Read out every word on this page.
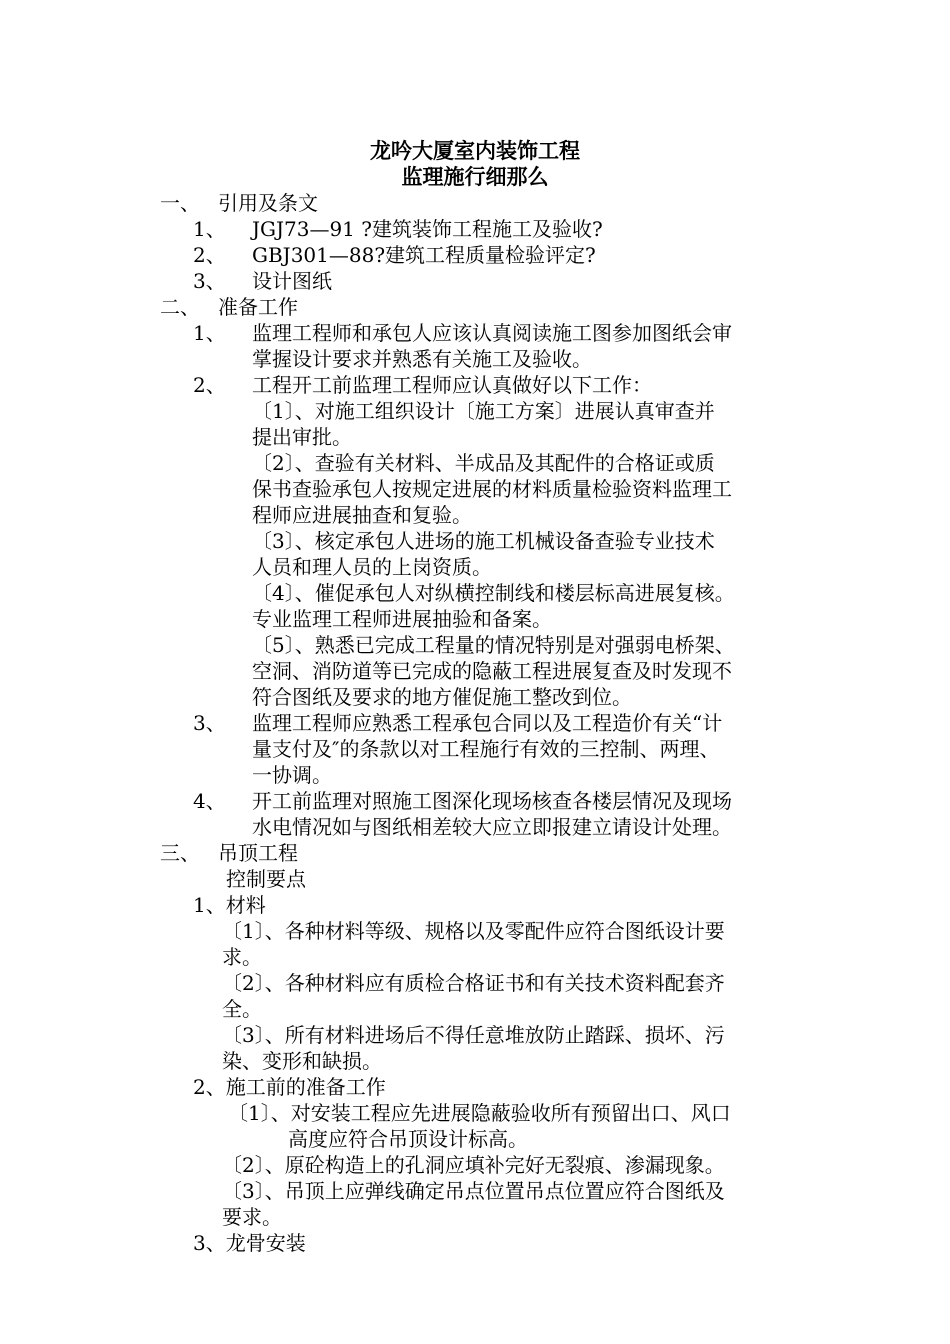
龙吟大厦室内装饰工程
监理施行细那么
一、 引用及条文
1、 JGJ73—91 ?建筑装饰工程施工及验收?
2、 GBJ301—88?建筑工程质量检验评定?
3、 设计图纸
二、 准备工作
1、 监理工程师和承包人应该认真阅读施工图参加图纸会审
掌握设计要求并熟悉有关施工及验收。
2、 工程开工前监理工程师应认真做好以下工作：
〔1〕、对施工组织设计〔施工方案〕进展认真审查并
提出审批。
〔2〕、查验有关材料、半成品及其配件的合格证或质
保书查验承包人按规定进展的材料质量检验资料监理工
程师应进展抽查和复验。
〔3〕、核定承包人进场的施工机械设备查验专业技术
人员和理人员的上岗资质。
〔4〕、催促承包人对纵横控制线和楼层标高进展复核。
专业监理工程师进展抽验和备案。
〔5〕、熟悉已完成工程量的情况特别是对强弱电桥架、
空洞、消防道等已完成的隐蔽工程进展复查及时发现不
符合图纸及要求的地方催促施工整改到位。
3、 监理工程师应熟悉工程承包合同以及工程造价有关“计
量支付及″的条款以对工程施行有效的三控制、两理、
一协调。
4、 开工前监理对照施工图深化现场核查各楼层情况及现场
水电情况如与图纸相差较大应立即报建立请设计处理。
三、 吊顶工程
控制要点
1、材料
〔1〕、各种材料等级、规格以及零配件应符合图纸设计要
求。
〔2〕、各种材料应有质检合格证书和有关技术资料配套齐
全。
〔3〕、所有材料进场后不得任意堆放防止踏踩、损坏、污
染、变形和缺损。
2、施工前的准备工作
〔1〕、对安装工程应先进展隐蔽验收所有预留出口、风口
高度应符合吊顶设计标高。
〔2〕、原砼构造上的孔洞应填补完好无裂痕、渗漏现象。
〔3〕、吊顶上应弹线确定吊点位置吊点位置应符合图纸及
要求。
3、龙骨安装
